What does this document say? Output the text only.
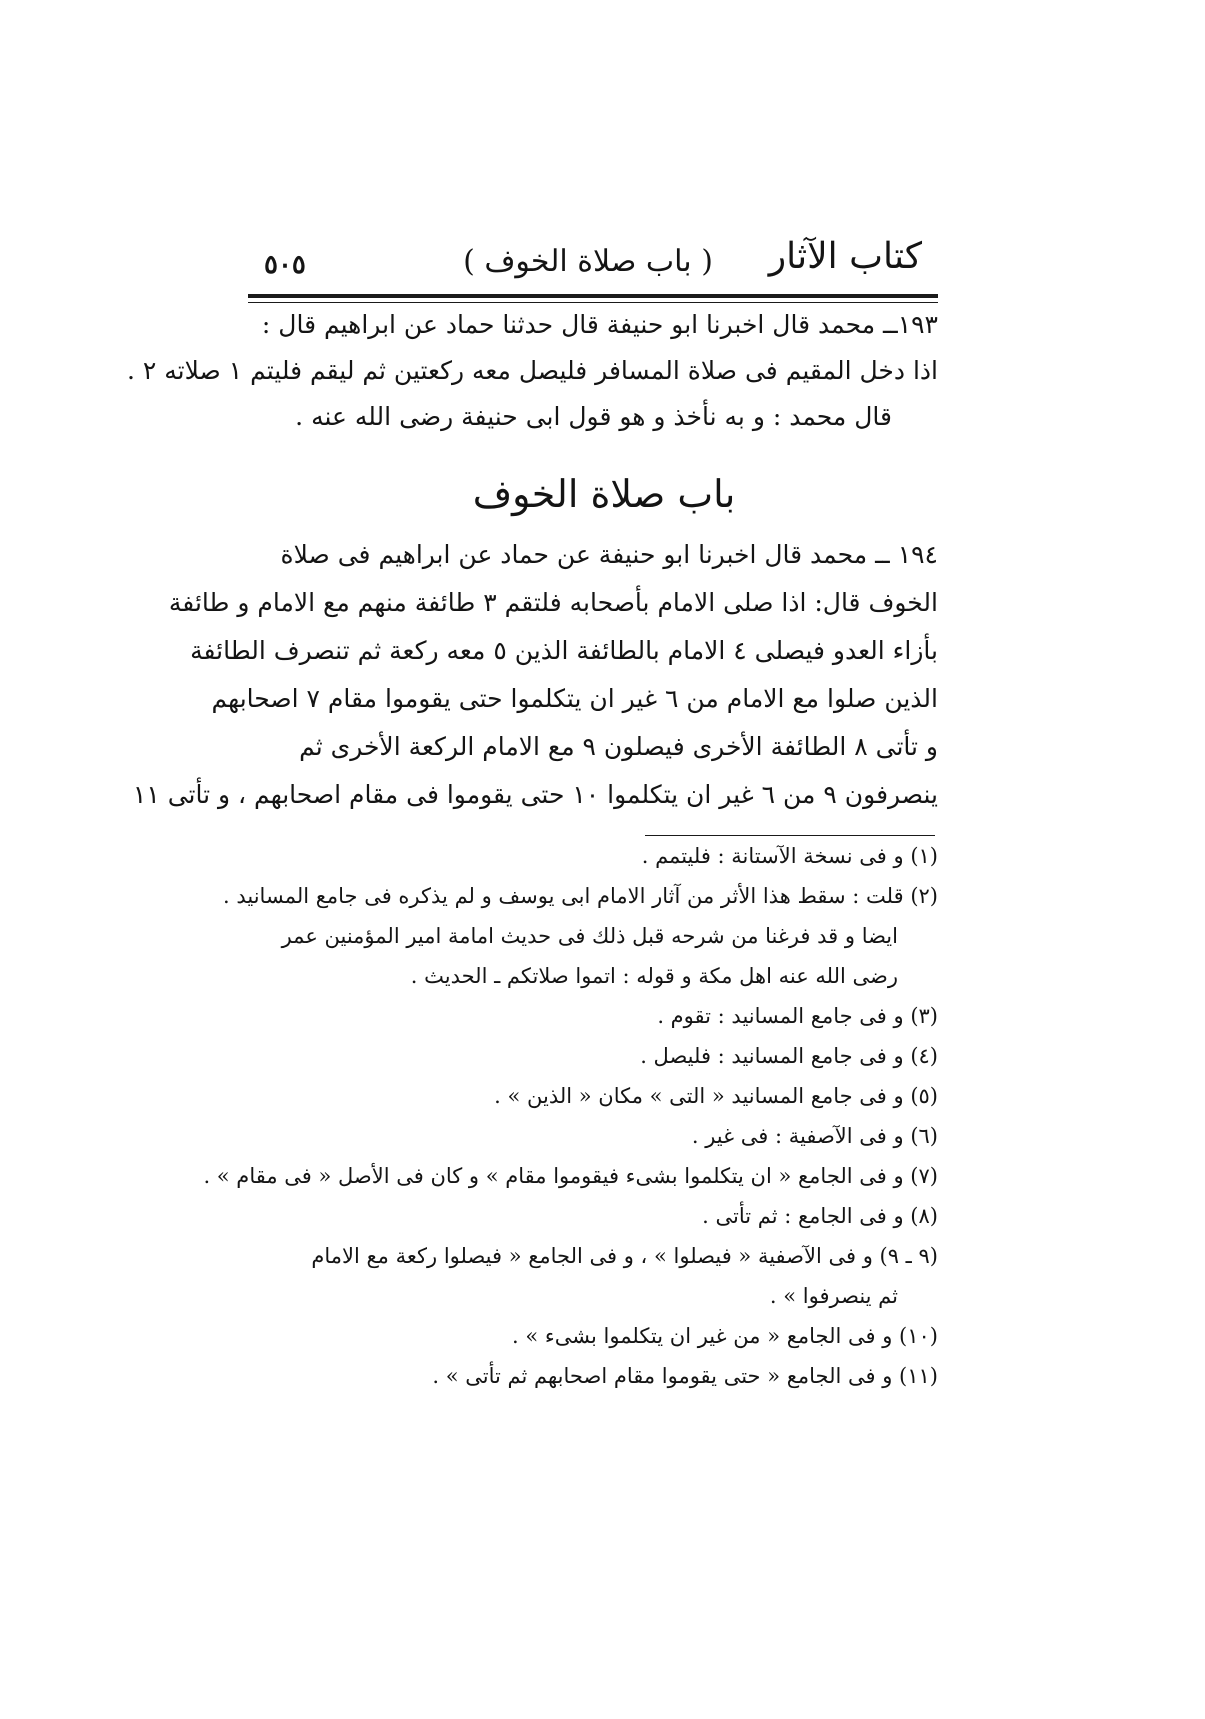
٥٠٥	( باب صلاة الخوف ) كتاب الآثار
١٩٣ــ محمد قال اخبرنا ابو حنيفة قال حدثنا حماد عن ابراهيم قال :
اذا دخل المقيم فى صلاة المسافر فليصل معه ركعتين ثم ليقم فليتم ١ صلاته ٢ .
قال محمد : و به نأخذ و هو قول ابى حنيفة رضى الله عنه .
باب صلاة الخوف
١٩٤ ــ محمد قال اخبرنا ابو حنيفة عن حماد عن ابراهيم فى صلاة
الخوف قال: اذا صلى الامام بأصحابه فلتقم ٣ طائفة منهم مع الامام و طائفة
بأزاء العدو فيصلى ٤ الامام بالطائفة الذين ٥ معه ركعة ثم تنصرف الطائفة
الذين صلوا مع الامام من ٦ غير ان يتكلموا حتى يقوموا مقام ٧ اصحابهم
و تأتى ٨ الطائفة الأخرى فيصلون ٩ مع الامام الركعة الأخرى ثم
ينصرفون ٩ من ٦ غير ان يتكلموا ١٠ حتى يقوموا فى مقام اصحابهم ، و تأتى ١١
(١) و فى نسخة الآستانة : فليتمم .
(٢) قلت : سقط هذا الأثر من آثار الامام ابى يوسف و لم يذكره فى جامع المسانيد .
ايضا و قد فرغنا من شرحه قبل ذلك فى حديث امامة امير المؤمنين عمر
رضى الله عنه اهل مكة و قوله : اتموا صلاتكم ـ الحديث .
(٣) و فى جامع المسانيد : تقوم .
(٤) و فى جامع المسانيد : فليصل .
(٥) و فى جامع المسانيد « التى » مكان « الذين » .
(٦) و فى الآصفية : فى غير .
(٧) و فى الجامع « ان يتكلموا بشىء فيقوموا مقام » و كان فى الأصل « فى مقام » .
(٨) و فى الجامع : ثم تأتى .
(٩ ـ ٩) و فى الآصفية « فيصلوا » ، و فى الجامع « فيصلوا ركعة مع الامام
ثم ينصرفوا » .
(١٠) و فى الجامع « من غير ان يتكلموا بشىء » .
(١١) و فى الجامع « حتى يقوموا مقام اصحابهم ثم تأتى » .
